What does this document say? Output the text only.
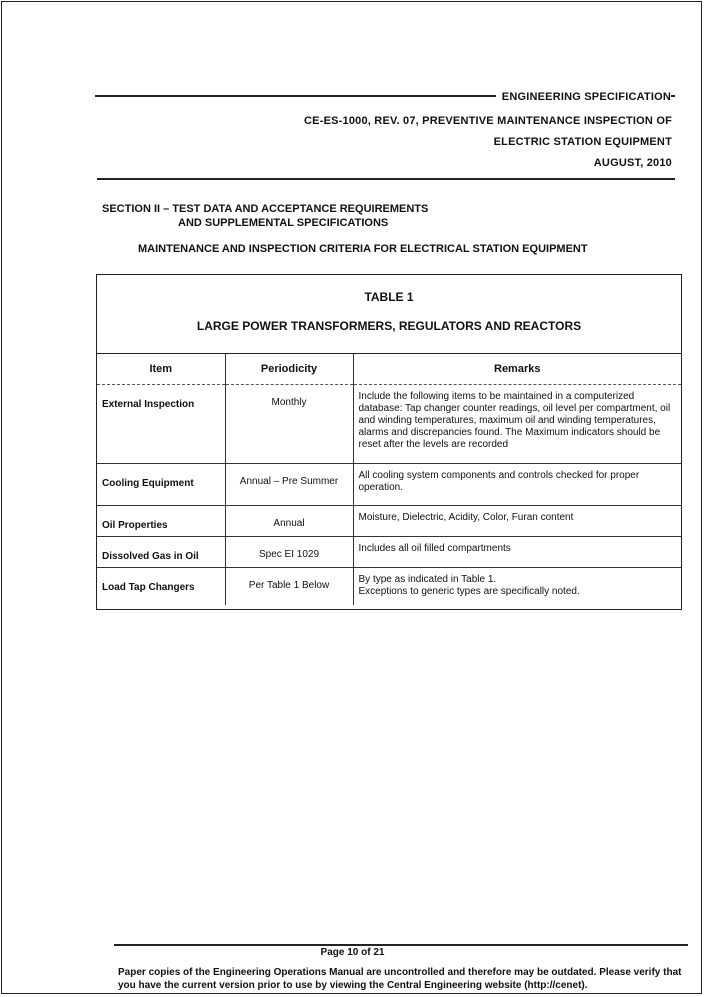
ENGINEERING SPECIFICATION
CE-ES-1000, REV. 07, PREVENTIVE MAINTENANCE INSPECTION OF
ELECTRIC STATION EQUIPMENT
AUGUST, 2010
SECTION II – TEST DATA AND ACCEPTANCE REQUIREMENTS
AND SUPPLEMENTAL SPECIFICATIONS
MAINTENANCE AND INSPECTION CRITERIA FOR ELECTRICAL STATION EQUIPMENT
TABLE 1
LARGE POWER TRANSFORMERS, REGULATORS AND REACTORS
Item	Periodicity	Remarks
External Inspection	Monthly	Include the following items to be maintained in a computerized database: Tap changer counter readings, oil level per compartment, oil and winding temperatures, maximum oil and winding temperatures, alarms and discrepancies found. The Maximum indicators should be reset after the levels are recorded
Cooling Equipment	Annual – Pre Summer	All cooling system components and controls checked for proper operation.
Oil Properties	Annual	Moisture, Dielectric, Acidity, Color, Furan content
Dissolved Gas in Oil	Spec EI 1029	Includes all oil filled compartments
Load Tap Changers	Per Table 1 Below	By type as indicated in Table 1.
Exceptions to generic types are specifically noted.
Page 10 of 21
Paper copies of the Engineering Operations Manual are uncontrolled and therefore may be outdated. Please verify that you have the current version prior to use by viewing the Central Engineering website (http://cenet).
